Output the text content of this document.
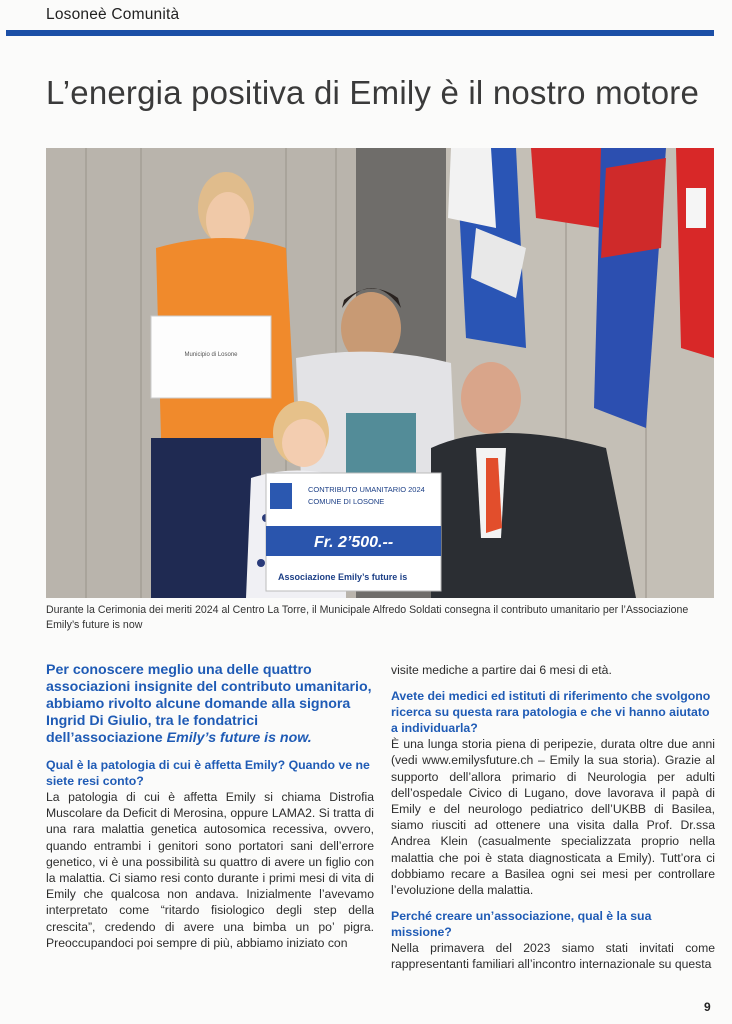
Losoneè Comunità
L’energia positiva di Emily è il nostro motore
Municipio di Losone
CONTRIBUTO UMANITARIO 2024
COMUNE DI LOSONE
Fr. 2’500.--
Associazione Emily’s future is
Durante la Cerimonia dei meriti 2024 al Centro La Torre, il Municipale Alfredo Soldati consegna il contributo umanitario per l’Associazione Emily’s future is now

Per conoscere meglio una delle quattro associazioni insignite del contributo umanitario, abbiamo rivolto alcune domande alla signora Ingrid Di Giulio, tra le fondatrici dell’associazione Emily’s future is now.

Qual è la patologia di cui è affetta Emily? Quando ve ne siete resi conto?

La patologia di cui è affetta Emily si chiama Distrofia Muscolare da Deficit di Merosina, oppure LAMA2. Si tratta di una rara malattia genetica autosomica recessiva, ovvero, quando entrambi i genitori sono portatori sani dell’errore genetico, vi è una possibilità su quattro di avere un figlio con la malattia. Ci siamo resi conto durante i primi mesi di vita di Emily che qualcosa non andava. Inizialmente l’avevamo interpretato come “ritardo fisiologico degli step della crescita”, credendo di avere una bimba un po’ pigra. Preoccupandoci poi sempre di più, abbiamo iniziato con

visite mediche a partire dai 6 mesi di età.

Avete dei medici ed istituti di riferimento che svolgono ricerca su questa rara patologia e che vi hanno aiutato a individuarla?

È una lunga storia piena di peripezie, durata oltre due anni (vedi www.emilysfuture.ch – Emily la sua storia). Grazie al supporto dell’allora primario di Neurologia per adulti dell’ospedale Civico di Lugano, dove lavorava il papà di Emily e del neurologo pediatrico dell’UKBB di Basilea, siamo riusciti ad ottenere una visita dalla Prof. Dr.ssa Andrea Klein (casualmente specializzata proprio nella malattia che poi è stata diagnosticata a Emily). Tutt’ora ci dobbiamo recare a Basilea ogni sei mesi per controllare l’evoluzione della malattia.

Perché creare un’associazione, qual è la sua missione?

Nella primavera del 2023 siamo stati invitati come rappresentanti familiari all’incontro internazionale su questa

9
